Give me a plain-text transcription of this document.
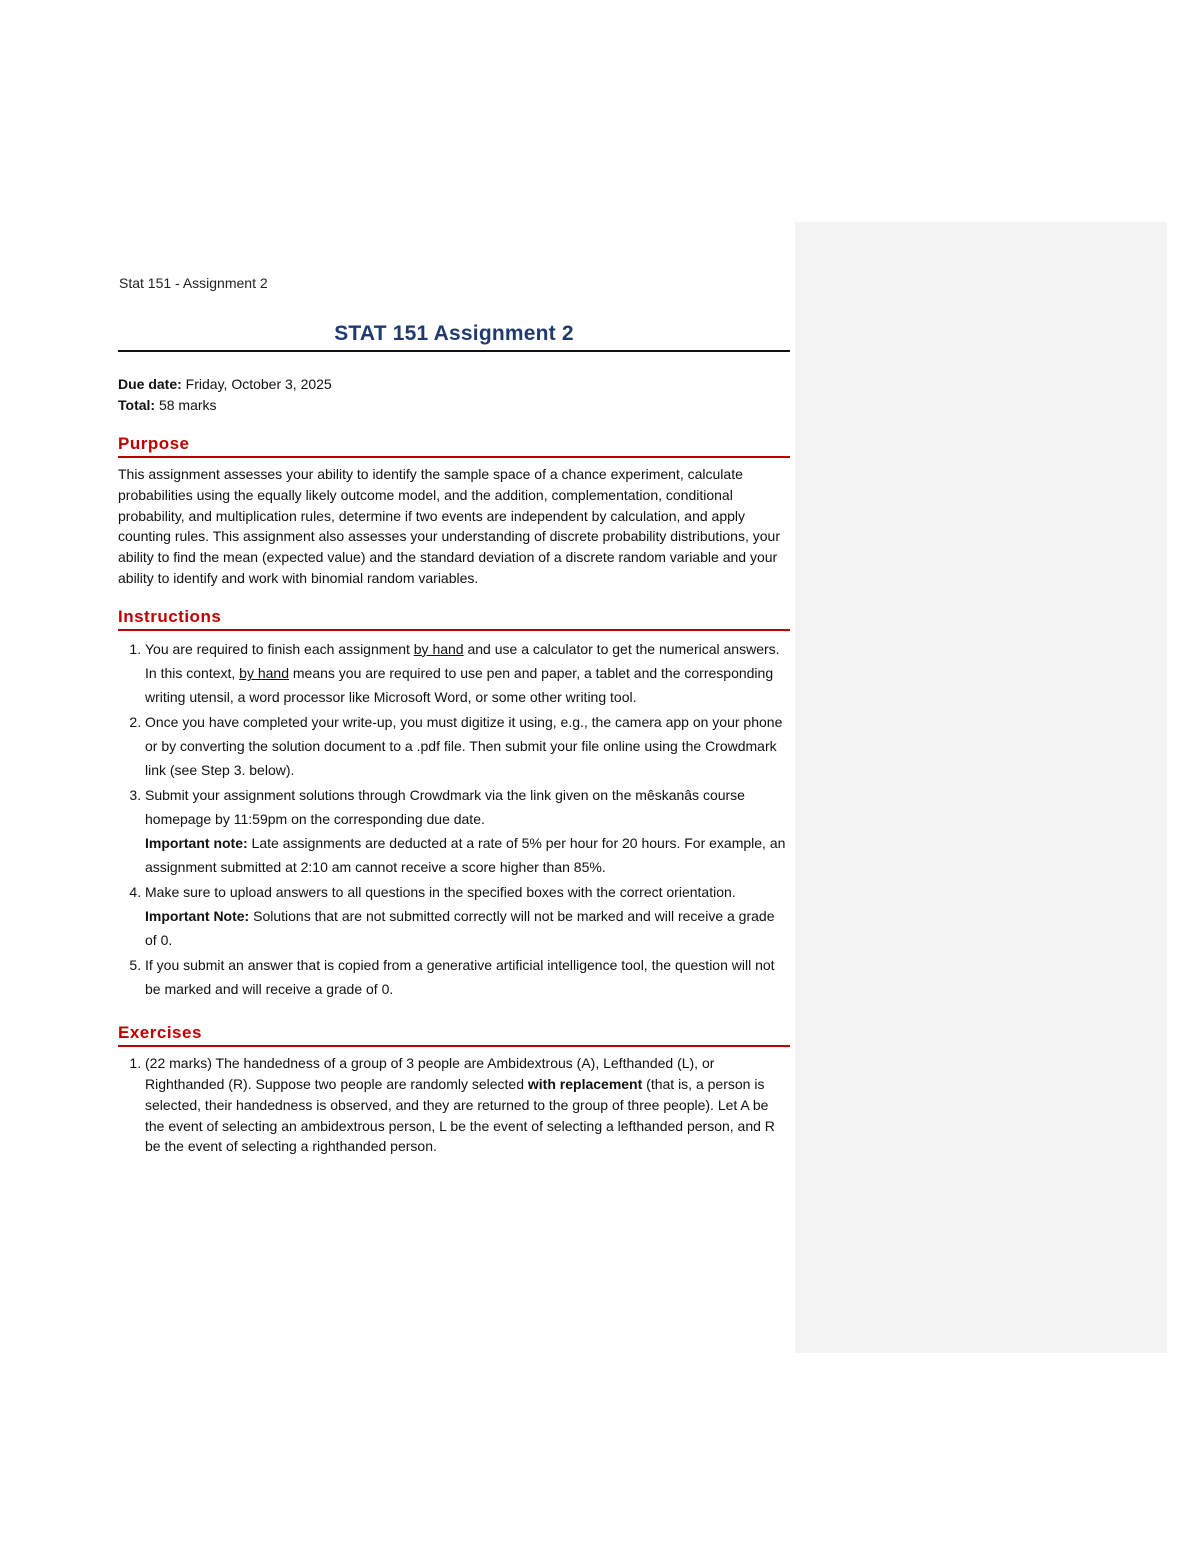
Stat 151 - Assignment 2
STAT 151 Assignment 2
Due date: Friday, October 3, 2025
Total: 58 marks
Purpose

This assignment assesses your ability to identify the sample space of a chance experiment, calculate probabilities using the equally likely outcome model, and the addition, complementation, conditional probability, and multiplication rules, determine if two events are independent by calculation, and apply counting rules. This assignment also assesses your understanding of discrete probability distributions, your ability to find the mean (expected value) and the standard deviation of a discrete random variable and your ability to identify and work with binomial random variables.

Instructions
1. You are required to finish each assignment by hand and use a calculator to get the numerical answers. In this context, by hand means you are required to use pen and paper, a tablet and the corresponding writing utensil, a word processor like Microsoft Word, or some other writing tool.
2. Once you have completed your write-up, you must digitize it using, e.g., the camera app on your phone or by converting the solution document to a .pdf file. Then submit your file online using the Crowdmark link (see Step 3. below).
3. Submit your assignment solutions through Crowdmark via the link given on the mêskanâs course homepage by 11:59pm on the corresponding due date.
Important note: Late assignments are deducted at a rate of 5% per hour for 20 hours. For example, an assignment submitted at 2:10 am cannot receive a score higher than 85%.
4. Make sure to upload answers to all questions in the specified boxes with the correct orientation.
Important Note: Solutions that are not submitted correctly will not be marked and will receive a grade of 0.
5. If you submit an answer that is copied from a generative artificial intelligence tool, the question will not be marked and will receive a grade of 0.
Exercises
1. (22 marks) The handedness of a group of 3 people are Ambidextrous (A), Lefthanded (L), or Righthanded (R). Suppose two people are randomly selected with replacement (that is, a person is selected, their handedness is observed, and they are returned to the group of three people). Let A be the event of selecting an ambidextrous person, L be the event of selecting a lefthanded person, and R be the event of selecting a righthanded person.
